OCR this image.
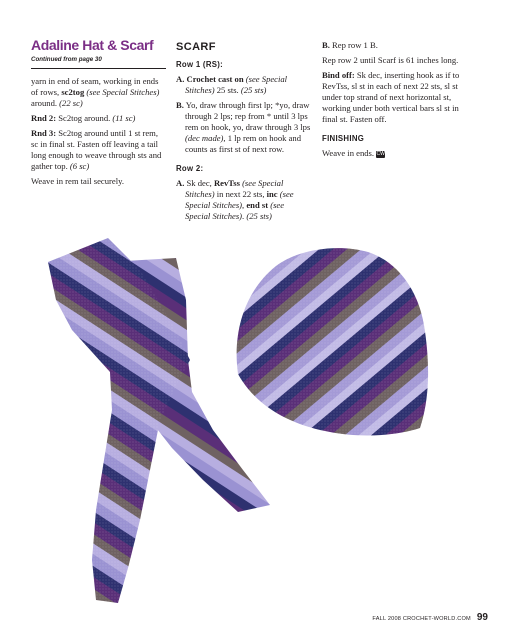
Adaline Hat & Scarf
Continued from page 30

yarn in end of seam, working in ends of rows, sc2tog (see Special Stitches) around. (22 sc)

Rnd 2: Sc2tog around. (11 sc)

Rnd 3: Sc2tog around until 1 st rem, sc in final st. Fasten off leaving a tail long enough to weave through sts and gather top. (6 sc)

Weave in rem tail securely.

SCARF
Row 1 (RS):

A. Crochet cast on (see Special Stitches) 25 sts. (25 sts)

B. Yo, draw through first lp; *yo, draw through 2 lps; rep from * until 3 lps rem on hook, yo, draw through 3 lps (dec made), 1 lp rem on hook and counts as first st of next row.

Row 2:

A. Sk dec, RevTss (see Special Stitches) in next 22 sts, inc (see Special Stitches), end st (see Special Stitches). (25 sts)

B. Rep row 1 B.

Rep row 2 until Scarf is 61 inches long.

Bind off: Sk dec, inserting hook as if to RevTss, sl st in each of next 22 sts, sl st under top strand of next horizontal st, working under both vertical bars sl st in final st. Fasten off.

FINISHING

Weave in ends. CW

FALL 2008 CROCHET-WORLD.COM 99
